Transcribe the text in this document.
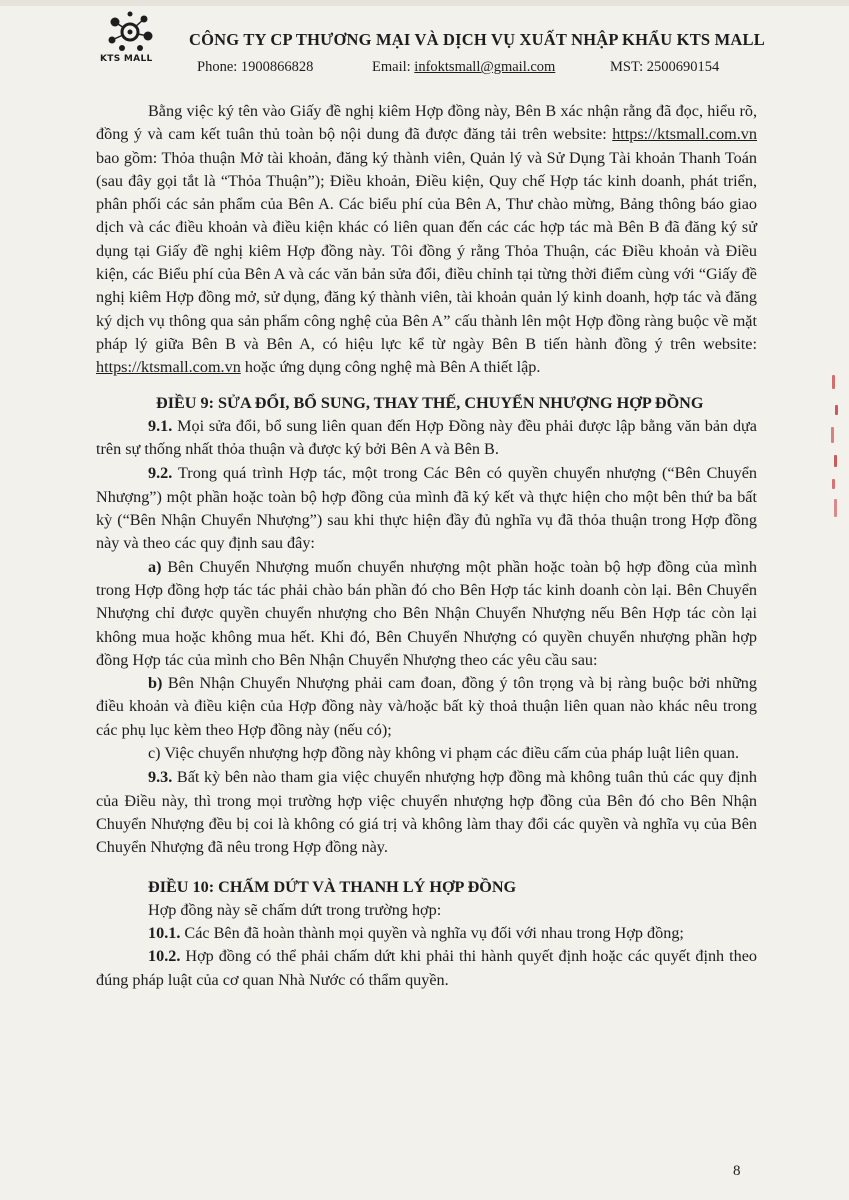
KTS MALL
CÔNG TY CP THƯƠNG MẠI VÀ DỊCH VỤ XUẤT NHẬP KHẨU KTS MALL
Phone: 1900866828	Email: infoktsmall@gmail.com	MST: 2500690154

Bằng việc ký tên vào Giấy đề nghị kiêm Hợp đồng này, Bên B xác nhận rằng đã đọc, hiểu rõ, đồng ý và cam kết tuân thủ toàn bộ nội dung đã được đăng tải trên website: https://ktsmall.com.vn bao gồm: Thỏa thuận Mở tài khoản, đăng ký thành viên, Quản lý và Sử Dụng Tài khoản Thanh Toán (sau đây gọi tắt là “Thỏa Thuận”); Điều khoản, Điều kiện, Quy chế Hợp tác kinh doanh, phát triển, phân phối các sản phẩm của Bên A. Các biểu phí của Bên A, Thư chào mừng, Bảng thông báo giao dịch và các điều khoản và điều kiện khác có liên quan đến các các hợp tác mà Bên B đã đăng ký sử dụng tại Giấy đề nghị kiêm Hợp đồng này. Tôi đồng ý rằng Thỏa Thuận, các Điều khoản và Điều kiện, các Biểu phí của Bên A và các văn bản sửa đổi, điều chỉnh tại từng thời điểm cùng với “Giấy đề nghị kiêm Hợp đồng mở, sử dụng, đăng ký thành viên, tài khoản quản lý kinh doanh, hợp tác và đăng ký dịch vụ thông qua sản phẩm công nghệ của Bên A” cấu thành lên một Hợp đồng ràng buộc về mặt pháp lý giữa Bên B và Bên A, có hiệu lực kể từ ngày Bên B tiến hành đồng ý trên website: https://ktsmall.com.vn hoặc ứng dụng công nghệ mà Bên A thiết lập.

ĐIỀU 9: SỬA ĐỔI, BỔ SUNG, THAY THẾ, CHUYỂN NHƯỢNG HỢP ĐỒNG

9.1. Mọi sửa đổi, bổ sung liên quan đến Hợp Đồng này đều phải được lập bằng văn bản dựa trên sự thống nhất thỏa thuận và được ký bởi Bên A và Bên B.

9.2. Trong quá trình Hợp tác, một trong Các Bên có quyền chuyển nhượng (“Bên Chuyển Nhượng”) một phần hoặc toàn bộ hợp đồng của mình đã ký kết và thực hiện cho một bên thứ ba bất kỳ (“Bên Nhận Chuyển Nhượng”) sau khi thực hiện đầy đủ nghĩa vụ đã thỏa thuận trong Hợp đồng này và theo các quy định sau đây:

a) Bên Chuyển Nhượng muốn chuyển nhượng một phần hoặc toàn bộ hợp đồng của mình trong Hợp đồng hợp tác tác phải chào bán phần đó cho Bên Hợp tác kinh doanh còn lại. Bên Chuyển Nhượng chỉ được quyền chuyển nhượng cho Bên Nhận Chuyển Nhượng nếu Bên Hợp tác còn lại không mua hoặc không mua hết. Khi đó, Bên Chuyển Nhượng có quyền chuyển nhượng phần hợp đồng Hợp tác của mình cho Bên Nhận Chuyển Nhượng theo các yêu cầu sau:

b) Bên Nhận Chuyển Nhượng phải cam đoan, đồng ý tôn trọng và bị ràng buộc bởi những điều khoản và điều kiện của Hợp đồng này và/hoặc bất kỳ thoả thuận liên quan nào khác nêu trong các phụ lục kèm theo Hợp đồng này (nếu có);

c) Việc chuyển nhượng hợp đồng này không vi phạm các điều cấm của pháp luật liên quan.

9.3. Bất kỳ bên nào tham gia việc chuyển nhượng hợp đồng mà không tuân thủ các quy định của Điều này, thì trong mọi trường hợp việc chuyển nhượng hợp đồng của Bên đó cho Bên Nhận Chuyển Nhượng đều bị coi là không có giá trị và không làm thay đổi các quyền và nghĩa vụ của Bên Chuyển Nhượng đã nêu trong Hợp đồng này.

ĐIỀU 10: CHẤM DỨT VÀ THANH LÝ HỢP ĐỒNG

Hợp đồng này sẽ chấm dứt trong trường hợp:

10.1. Các Bên đã hoàn thành mọi quyền và nghĩa vụ đối với nhau trong Hợp đồng;

10.2. Hợp đồng có thể phải chấm dứt khi phải thi hành quyết định hoặc các quyết định theo đúng pháp luật của cơ quan Nhà Nước có thẩm quyền.

8
